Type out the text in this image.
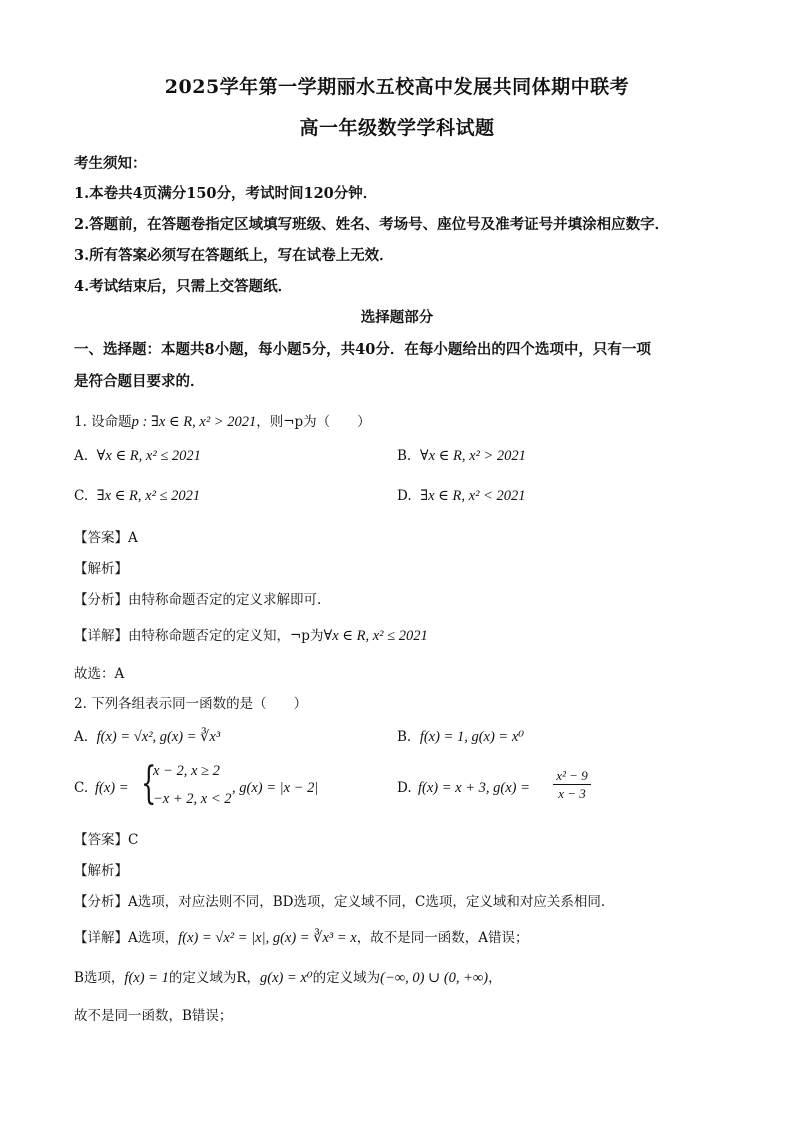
2025学年第一学期丽水五校高中发展共同体期中联考
高一年级数学学科试题
考生须知：
1.本卷共4页满分150分，考试时间120分钟．
2.答题前，在答题卷指定区域填写班级、姓名、考场号、座位号及准考证号并填涂相应数字．
3.所有答案必须写在答题纸上，写在试卷上无效．
4.考试结束后，只需上交答题纸．
选择题部分
一、选择题：本题共8小题，每小题5分，共40分．在每小题给出的四个选项中，只有一项
是符合题目要求的．
1. 设命题p : ∃x ∈ R, x² > 2021，则¬p为（　　）
A. ∀x ∈ R, x² ≤ 2021	B. ∀x ∈ R, x² > 2021
C. ∃x ∈ R, x² ≤ 2021	D. ∃x ∈ R, x² < 2021
【答案】A
【解析】
【分析】由特称命题否定的定义求解即可.
【详解】由特称命题否定的定义知，¬p为∀x ∈ R, x² ≤ 2021
故选：A
2. 下列各组表示同一函数的是（　　）
A. f(x) = √x², g(x) = ∛x³	B. f(x) = 1, g(x) = x⁰
C. f(x) = {
x − 2, x ≥ 2
−x + 2, x < 2
, g(x) = |x − 2|	D. f(x) = x + 3, g(x) =
x² − 9
x − 3
【答案】C
【解析】
【分析】A选项，对应法则不同，BD选项，定义域不同，C选项，定义域和对应关系相同.
【详解】A选项，f(x) = √x² = |x|, g(x) = ∛x³ = x，故不是同一函数，A错误；
B选项，f(x) = 1的定义域为R，g(x) = x⁰的定义域为(−∞, 0) ∪ (0, +∞)，
故不是同一函数，B错误；
